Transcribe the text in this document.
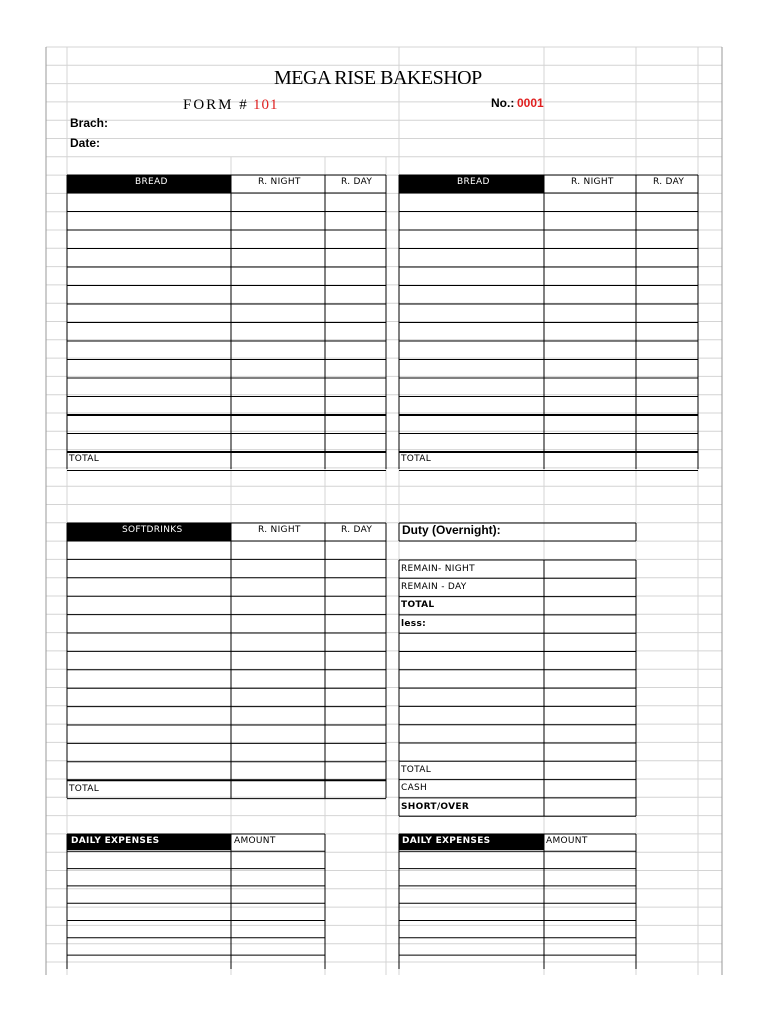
MEGA RISE BAKESHOP
FORM # 101	No.: 0001
Brach:
Date:
BREAD	R. NIGHT	R. DAY
TOTAL
BREAD	R. NIGHT	R. DAY
TOTAL
SOFTDRINKS	R. NIGHT	R. DAY
TOTAL
Duty (Overnight):
REMAIN- NIGHT
REMAIN - DAY
TOTAL
less:
TOTAL
CASH
SHORT/OVER
DAILY EXPENSES	AMOUNT	DAILY EXPENSES	AMOUNT
